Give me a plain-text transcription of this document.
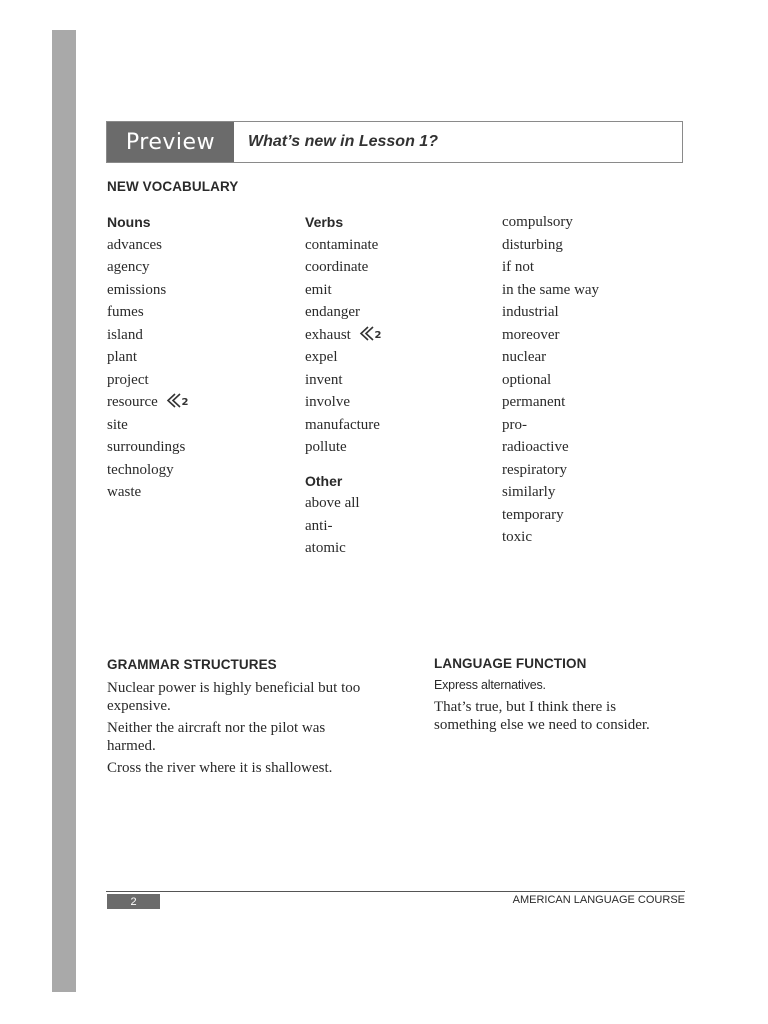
Preview	What’s new in Lesson 1?
NEW VOCABULARY
Nouns
advances
agency
emissions
fumes
island
plant
project
resource 2
site
surroundings
technology
waste
Verbs
contaminate
coordinate
emit
endanger
exhaust 2
expel
invent
involve
manufacture
pollute
Other
above all
anti-
atomic
compulsory
disturbing
if not
in the same way
industrial
moreover
nuclear
optional
permanent
pro-
radioactive
respiratory
similarly
temporary
toxic
GRAMMAR STRUCTURES

Nuclear power is highly beneficial but too expensive.

Neither the aircraft nor the pilot was harmed.

Cross the river where it is shallowest.

LANGUAGE FUNCTION
Express alternatives.
That’s true, but I think there is something else we need to consider.
2	AMERICAN LANGUAGE COURSE
